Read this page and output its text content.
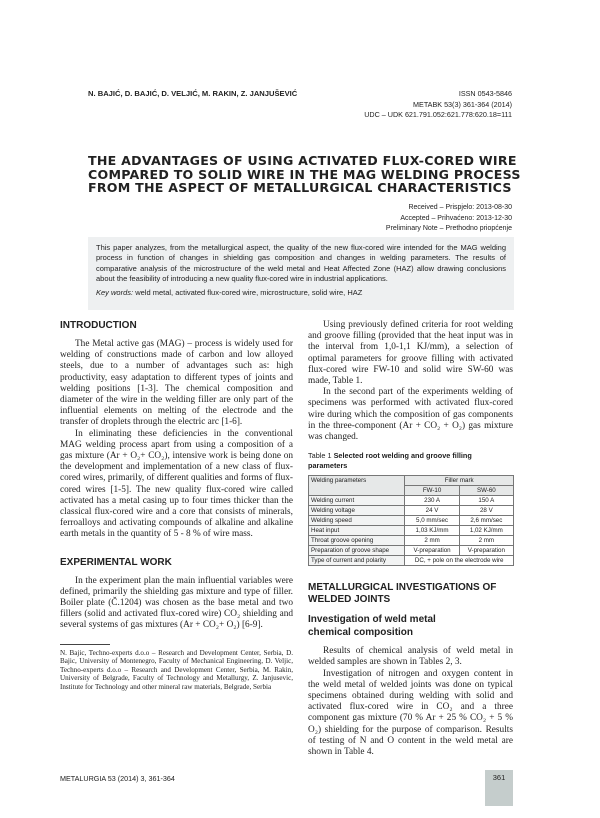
N. BAJIĆ, D. BAJIĆ, D. VELJIĆ, M. RAKIN, Z. JANJUŠEVIĆ	ISSN 0543-5846
METABK 53(3) 361-364 (2014)
UDC – UDK 621.791.052:621.778:620.18=111
THE ADVANTAGES OF USING ACTIVATED FLUX-CORED WIRE COMPARED TO SOLID WIRE IN THE MAG WELDING PROCESS FROM THE ASPECT OF METALLURGICAL CHARACTERISTICS
Received – Prispjelo: 2013-08-30
Accepted – Prihvaćeno: 2013-12-30
Preliminary Note – Prethodno priopćenje

This paper analyzes, from the metallurgical aspect, the quality of the new flux-cored wire intended for the MAG welding process in function of changes in shielding gas composition and changes in welding parameters. The results of comparative analysis of the microstructure of the weld metal and Heat Affected Zone (HAZ) allow drawing conclusions about the feasibility of introducing a new quality flux-cored wire in industrial applications.

Key words: weld metal, activated flux-cored wire, microstructure, solid wire, HAZ

INTRODUCTION

The Metal active gas (MAG) – process is widely used for welding of constructions made of carbon and low alloyed steels, due to a number of advantages such as: high productivity, easy adaptation to different types of joints and welding positions [1-3]. The chemical composition and diameter of the wire in the welding filler are only part of the influential elements on melting of the electrode and the transfer of droplets through the electric arc [1-6].

In eliminating these deficiencies in the conventional MAG welding process apart from using a composition of a gas mixture (Ar + O₂+ CO₂), intensive work is being done on the development and implementation of a new class of flux-cored wires, primarily, of different qualities and forms of flux-cored wires [1-5]. The new quality flux-cored wire called activated has a metal casing up to four times thicker than the classical flux-cored wire and a core that consists of minerals, ferroalloys and activating compounds of alkaline and alkaline earth metals in the quantity of 5 - 8 % of wire mass.

EXPERIMENTAL WORK

In the experiment plan the main influential variables were defined, primarily the shielding gas mixture and type of filler. Boiler plate (Č.1204) was chosen as the base metal and two fillers (solid and activated flux-cored wire) CO₂ shielding and several systems of gas mixtures (Ar + CO₂+ O₂) [6-9].

N. Bajic, Techno-experts d.o.o – Research and Development Center, Serbia, D. Bajic, University of Montenegro, Faculty of Mechanical Engineering, D. Veljic, Techno-experts d.o.o – Research and Development Center, Serbia, M. Rakin, University of Belgrade, Faculty of Technology and Metallurgy, Z. Janjusevic, Institute for Technology and other mineral raw materials, Belgrade, Serbia

Using previously defined criteria for root welding and groove filling (provided that the heat input was in the interval from 1,0-1,1 KJ/mm), a selection of optimal parameters for groove filling with activated flux-cored wire FW-10 and solid wire SW-60 was made, Table 1.

In the second part of the experiments welding of specimens was performed with activated flux-cored wire during which the composition of gas components in the three-component (Ar + CO₂ + O₂) gas mixture was changed.

Table 1 Selected root welding and groove filling parameters
Welding parameters	Filler mark	
	FW-10	SW-60
Welding current	230 A	150 A
Welding voltage	24 V	28 V
Welding speed	5,0 mm/sec	2,6 mm/sec
Heat input	1,03 KJ/mm	1,02 KJ/mm
Throat groove opening	2 mm	2 mm
Preparation of groove shape	V-preparation	V-preparation
Type of current and polarity	DC, + pole on the electrode wire	
METALLURGICAL INVESTIGATIONS OF WELDED JOINTS
Investigation of weld metal chemical composition

Results of chemical analysis of weld metal in welded samples are shown in Tables 2, 3.

Investigation of nitrogen and oxygen content in the weld metal of welded joints was done on typical specimens obtained during welding with solid and activated flux-cored wire in CO₂ and a three component gas mixture (70 % Ar + 25 % CO₂ + 5 % O₂) shielding for the purpose of comparison. Results of testing of N and O content in the weld metal are shown in Table 4.

METALURGIA 53 (2014) 3, 361-364	361
